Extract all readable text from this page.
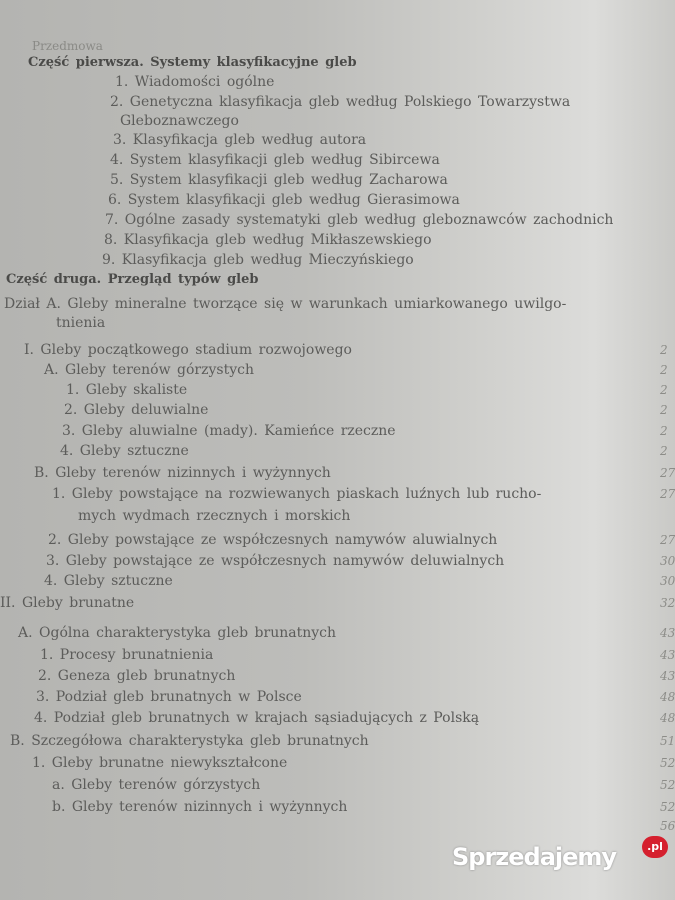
Przedmowa
Część pierwsza. Systemy klasyfikacyjne gleb
1. Wiadomości ogólne
2. Genetyczna klasyfikacja gleb według Polskiego Towarzystwa
Gleboznawczego
3. Klasyfikacja gleb według autora
4. System klasyfikacji gleb według Sibircewa
5. System klasyfikacji gleb według Zacharowa
6. System klasyfikacji gleb według Gierasimowa
7. Ogólne zasady systematyki gleb według gleboznawców zachodnich
8. Klasyfikacja gleb według Mikłaszewskiego
9. Klasyfikacja gleb według Mieczyńskiego
Część druga. Przegląd typów gleb
Dział A. Gleby mineralne tworzące się w warunkach umiarkowanego uwilgo-
tnienia
I. Gleby początkowego stadium rozwojowego
A. Gleby terenów górzystych
1. Gleby skaliste
2. Gleby deluwialne
3. Gleby aluwialne (mady). Kamieńce rzeczne
4. Gleby sztuczne
B. Gleby terenów nizinnych i wyżynnych
1. Gleby powstające na rozwiewanych piaskach luźnych lub rucho-
mych wydmach rzecznych i morskich
2. Gleby powstające ze współczesnych namywów aluwialnych
3. Gleby powstające ze współczesnych namywów deluwialnych
4. Gleby sztuczne
II. Gleby brunatne
A. Ogólna charakterystyka gleb brunatnych
1. Procesy brunatnienia
2. Geneza gleb brunatnych
3. Podział gleb brunatnych w Polsce
4. Podział gleb brunatnych w krajach sąsiadujących z Polską
B. Szczegółowa charakterystyka gleb brunatnych
1. Gleby brunatne niewykształcone
a. Gleby terenów górzystych
b. Gleby terenów nizinnych i wyżynnych
2
2
2
2
2
2
27
27
27
30
30
32
43
43
43
48
48
51
52
52
52
56
Sprzedajemy	.pl
